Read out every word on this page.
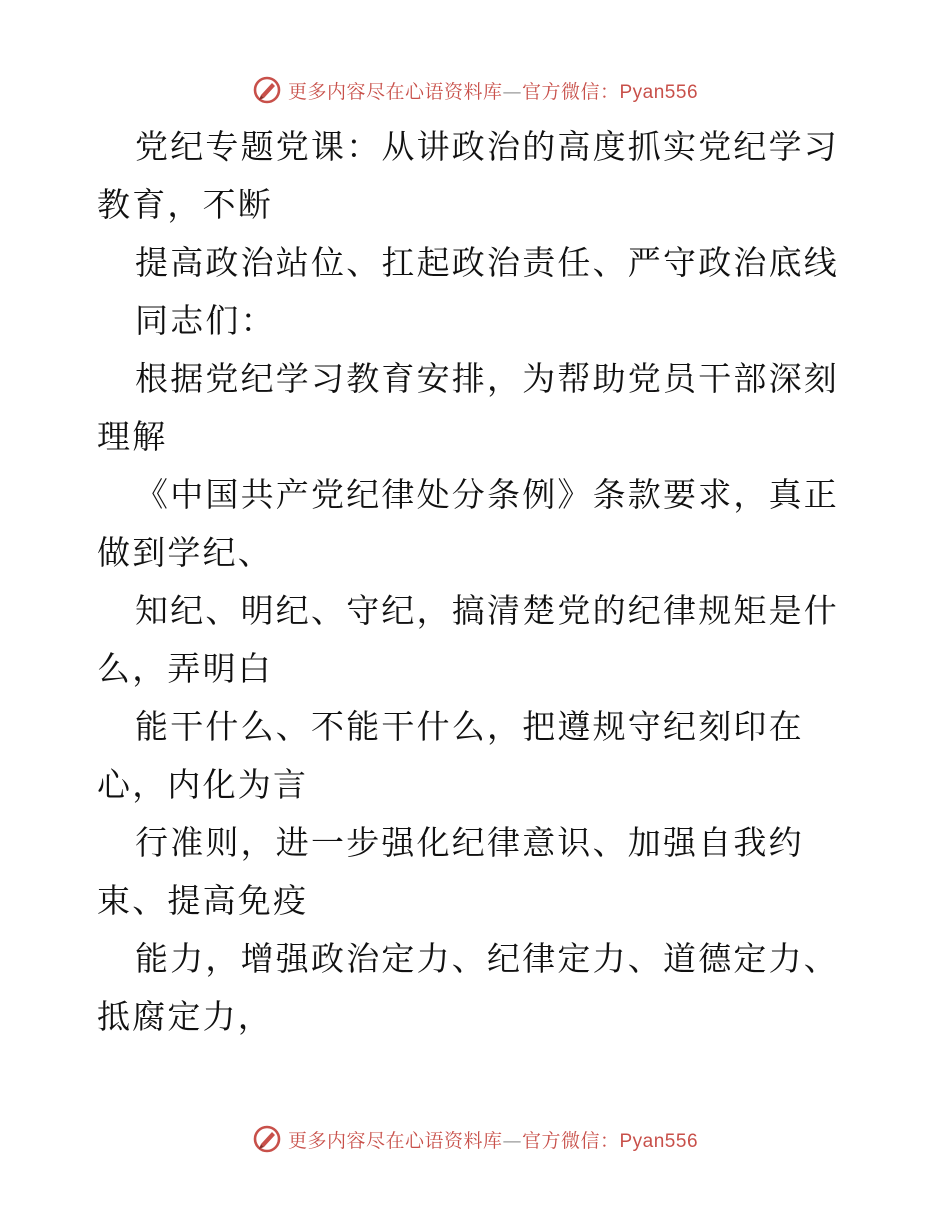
更多内容尽在心语资料库—官方微信：Pyan556

党纪专题党课：从讲政治的高度抓实党纪学习教育，不断

提高政治站位、扛起政治责任、严守政治底线

同志们：

根据党纪学习教育安排，为帮助党员干部深刻理解

《中国共产党纪律处分条例》条款要求，真正做到学纪、

知纪、明纪、守纪，搞清楚党的纪律规矩是什么，弄明白

能干什么、不能干什么，把遵规守纪刻印在心，内化为言

行准则，进一步强化纪律意识、加强自我约束、提高免疫

能力，增强政治定力、纪律定力、道德定力、抵腐定力，

更多内容尽在心语资料库—官方微信：Pyan556
